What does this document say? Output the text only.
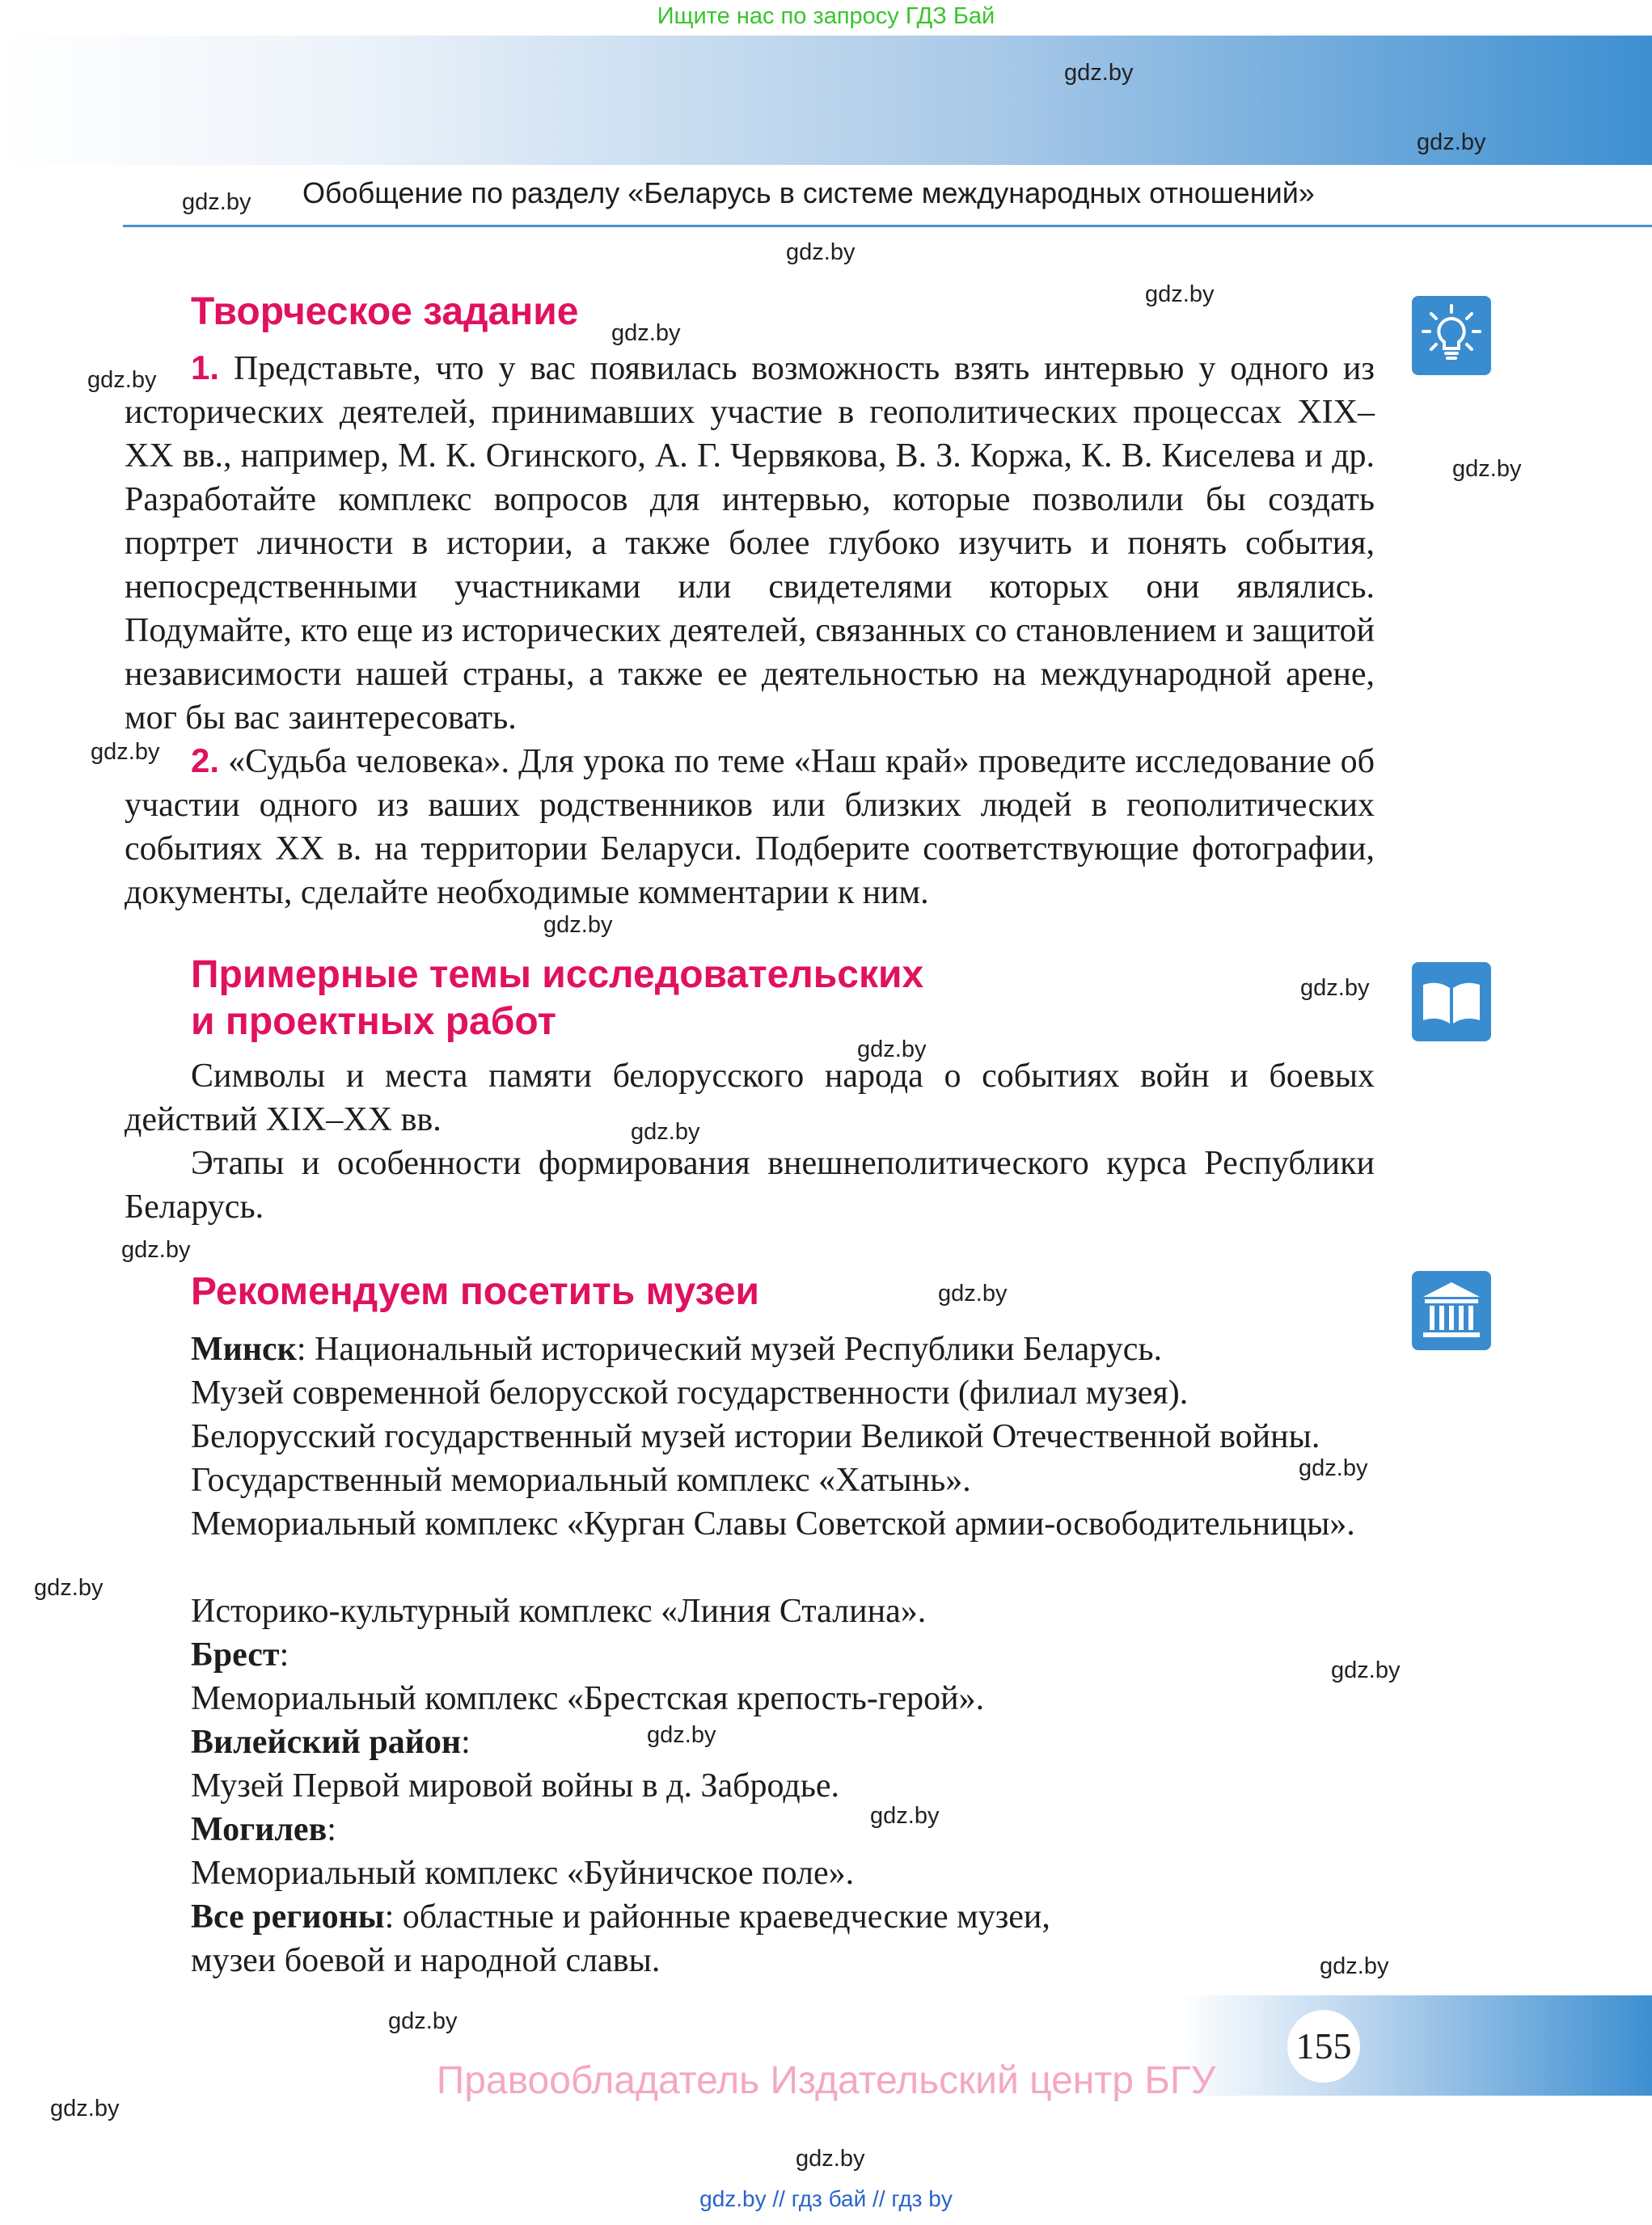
Ищите нас по запросу ГДЗ Бай
gdz.by
gdz.by
gdz.by
gdz.by
gdz.by
gdz.by
gdz.by
gdz.by
gdz.by
gdz.by
gdz.by
gdz.by
gdz.by
gdz.by
gdz.by
gdz.by
gdz.by
gdz.by
gdz.by
gdz.by
gdz.by
gdz.by
gdz.by
gdz.by
Обобщение по разделу «Беларусь в системе международных отношений»
Творческое задание

1. Представьте, что у вас появилась возможность взять интервью у одного из исторических деятелей, принимавших участие в геополитических процессах XIX–XX вв., например, М. К. Огинского, А. Г. Червякова, В. З. Коржа, К. В. Киселева и др. Разработайте комплекс вопросов для интервью, которые позволили бы создать портрет личности в истории, а также более глубоко изучить и понять события, непосредственными участниками или свидетелями которых они являлись. Подумайте, кто еще из исторических деятелей, связанных со становлением и защитой независимости нашей страны, а также ее деятельностью на международной арене, мог бы вас заинтересовать.

2. «Судьба человека». Для урока по теме «Наш край» проведите исследование об участии одного из ваших родственников или близких людей в геополитических событиях XX в. на территории Беларуси. Подберите соответствующие фотографии, документы, сделайте необходимые комментарии к ним.

Примерные темы исследовательских
и проектных работ

Символы и места памяти белорусского народа о событиях войн и боевых действий XIX–XX вв.

Этапы и особенности формирования внешнеполитического курса Республики Беларусь.

Рекомендуем посетить музеи
Минск: Национальный исторический музей Республики Беларусь.
Музей современной белорусской государственности (филиал музея).
Белорусский государственный музей истории Великой Отечественной войны.
Государственный мемориальный комплекс «Хатынь».

Мемориальный комплекс «Курган Славы Советской армии-освободительницы».

Историко-культурный комплекс «Линия Сталина».
Брест:
Мемориальный комплекс «Брестская крепость-герой».
Вилейский район:
Музей Первой мировой войны в д. Забродье.
Могилев:
Мемориальный комплекс «Буйничское поле».
Все регионы: областные и районные краеведческие музеи,
музеи боевой и народной славы.
155
Правообладатель Издательский центр БГУ
gdz.by // гдз бай // гдз by
